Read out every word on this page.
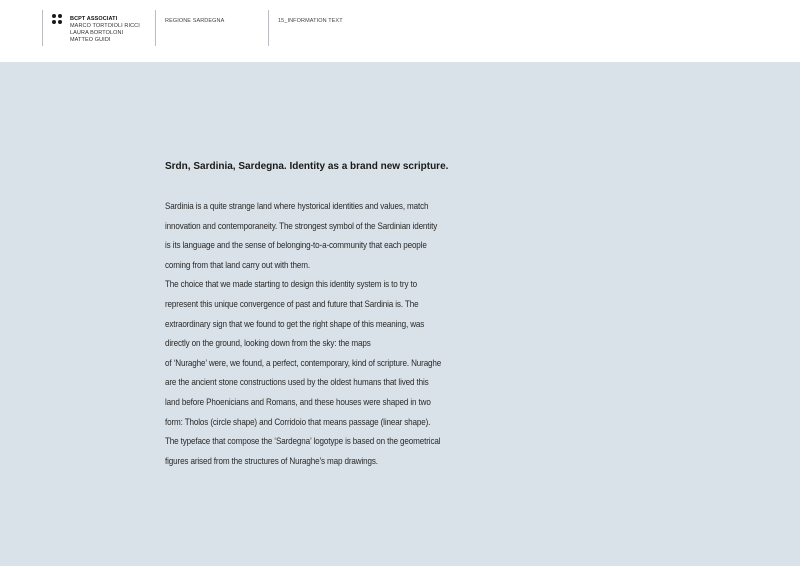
BCPT ASSOCIATI
MARCO TORTOIOLI RICCI
LAURA BORTOLONI
MATTEO GUIDI
REGIONE SARDEGNA	15_INFORMATION TEXT
Srdn, Sardinia, Sardegna. Identity as a brand new scripture.
Sardinia is a quite strange land where hystorical identities and values, match
innovation and contemporaneity. The strongest symbol of the Sardinian identity
is its language and the sense of belonging-to-a-community that each people
coming from that land carry out with them.
The choice that we made starting to design this identity system is to try to
represent this unique convergence of past and future that Sardinia is. The
extraordinary sign that we found to get the right shape of this meaning, was
directly on the ground, looking down from the sky: the maps
of ‘Nuraghe’ were, we found, a perfect, contemporary, kind of scripture. Nuraghe
are the ancient stone constructions used by the oldest humans that lived this
land before Phoenicians and Romans, and these houses were shaped in two
form: Tholos (circle shape) and Corridoio that means passage (linear shape).
The typeface that compose the ‘Sardegna’ logotype is based on the geometrical
figures arised from the structures of Nuraghe’s map drawings.
